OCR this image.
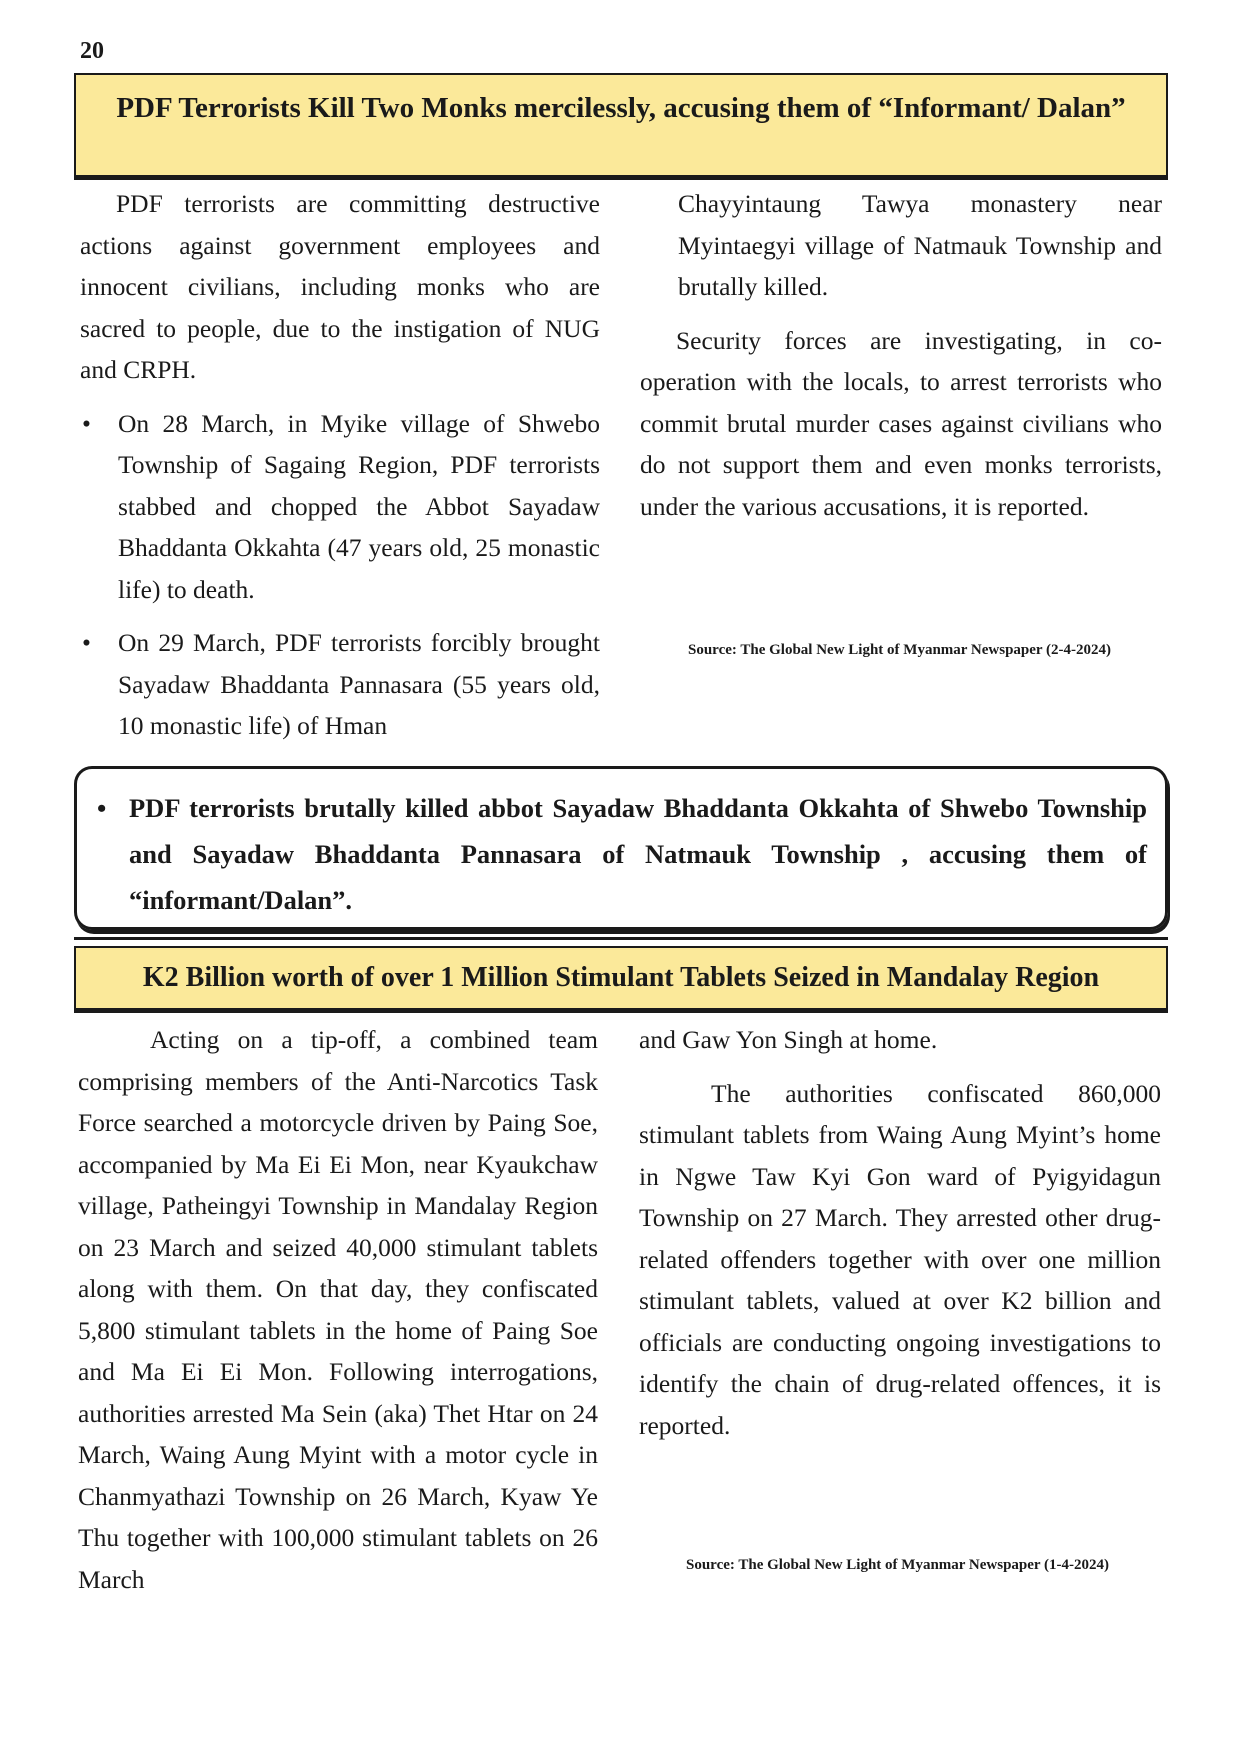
20
PDF Terrorists Kill Two Monks mercilessly, accusing them of “Informant/ Dalan”

PDF terrorists are committing destructive actions against government employees and innocent civilians, including monks who are sacred to people, due to the instigation of NUG and CRPH.

• On 28 March, in Myike village of Shwebo Township of Sagaing Region, PDF terrorists stabbed and chopped the Abbot Sayadaw Bhaddanta Okkahta (47 years old, 25 monastic life) to death.
• On 29 March, PDF terrorists forcibly brought Sayadaw Bhaddanta Pannasara (55 years old, 10 monastic life) of Hman

Chayyintaung Tawya monastery near Myintaegyi village of Natmauk Township and brutally killed.

Security forces are investigating, in cooperation with the locals, to arrest terrorists who commit brutal murder cases against civilians who do not support them and even monks terrorists, under the various accusations, it is reported.

Source: The Global New Light of Myanmar Newspaper (2-4-2024)
• PDF terrorists brutally killed abbot Sayadaw Bhaddanta Okkahta of Shwebo Township and Sayadaw Bhaddanta Pannasara of Natmauk Township , accusing them of “informant/Dalan”.
K2 Billion worth of over 1 Million Stimulant Tablets Seized in Mandalay Region

Acting on a tip-off, a combined team comprising members of the Anti-Narcotics Task Force searched a motorcycle driven by Paing Soe, accompanied by Ma Ei Ei Mon, near Kyaukchaw village, Patheingyi Township in Mandalay Region on 23 March and seized 40,000 stimulant tablets along with them. On that day, they confiscated 5,800 stimulant tablets in the home of Paing Soe and Ma Ei Ei Mon. Following interrogations, authorities arrested Ma Sein (aka) Thet Htar on 24 March, Waing Aung Myint with a motor cycle in Chanmyathazi Township on 26 March, Kyaw Ye Thu together with 100,000 stimulant tablets on 26 March

and Gaw Yon Singh at home.

The authorities confiscated 860,000 stimulant tablets from Waing Aung Myint’s home in Ngwe Taw Kyi Gon ward of Pyigyidagun Township on 27 March. They arrested other drug-related offenders together with over one million stimulant tablets, valued at over K2 billion and officials are conducting ongoing investigations to identify the chain of drug-related offences, it is reported.

Source: The Global New Light of Myanmar Newspaper (1-4-2024)
